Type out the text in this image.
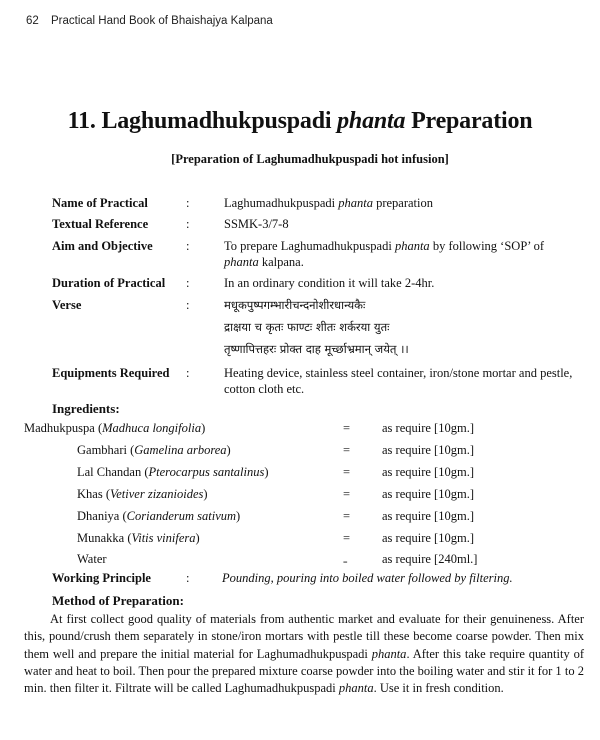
62 Practical Hand Book of Bhaishajya Kalpana
11. Laghumadhukpuspadi phanta Preparation
[Preparation of Laghumadhukpuspadi hot infusion]
Name of Practical	:	Laghumadhukpuspadi phanta preparation
Textual Reference	:	SSMK-3/7-8
Aim and Objective	:	To prepare Laghumadhukpuspadi phanta by following ‘SOP’ of
phanta kalpana.
Duration of Practical	:	In an ordinary condition it will take 2-4hr.
Verse	:	मधूकपुष्पगम्भारीचन्दनोशीरधान्यकैः
द्राक्षया च कृतः फाण्टः शीतः शर्करया युतः
तृष्णापित्तहरः प्रोक्त दाह मूर्च्छाभ्रमान् जयेत् ।।
Equipments Required	:	Heating device, stainless steel container, iron/stone mortar and pestle, cotton cloth etc.
Ingredients:
Madhukpuspa (Madhuca longifolia)	=	as require [10gm.]
Gambhari (Gamelina arborea)	=	as require [10gm.]
Lal Chandan (Pterocarpus santalinus)	=	as require [10gm.]
Khas (Vetiver zizanioides)	=	as require [10gm.]
Dhaniya (Corianderum sativum)	=	as require [10gm.]
Munakka (Vitis vinifera)	=	as require [10gm.]
Water	=	as require [240ml.]
Working Principle	:	Pounding, pouring into boiled water followed by filtering.
Method of Preparation:
At first collect good quality of materials from authentic market and evaluate for their genuineness. After this, pound/crush them separately in stone/iron mortars with pestle till these become coarse powder. Then mix them well and prepare the initial material for Laghumadhukpuspadi phanta. After this take require quantity of water and heat to boil. Then pour the prepared mixture coarse powder into the boiling water and stir it for 1 to 2 min. then filter it. Filtrate will be called Laghumadhukpuspadi phanta. Use it in fresh condition.
